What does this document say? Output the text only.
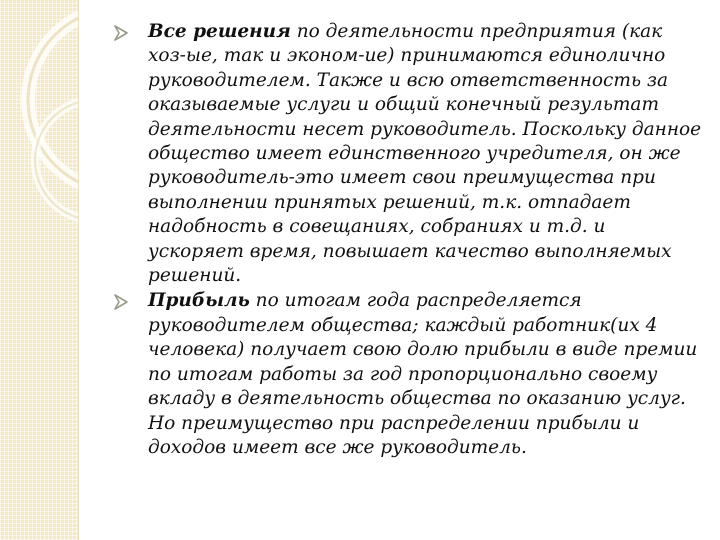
Все решения по деятельности предприятия (как хоз-ые, так и эконом-ие) принимаются единолично руководителем. Также и всю ответственность за оказываемые услуги и общий конечный результат деятельности несет руководитель. Поскольку данное общество имеет единственного учредителя, он же руководитель-это имеет свои преимущества при выполнении принятых решений, т.к. отпадает надобность в совещаниях, собраниях и т.д. и ускоряет время, повышает качество выполняемых решений.
Прибыль по итогам года распределяется руководителем общества; каждый работник(их 4 человека) получает свою долю прибыли в виде премии по итогам работы за год пропорционально своему вкладу в деятельность общества по оказанию услуг. Но преимущество при распределении прибыли и доходов имеет все же руководитель.
